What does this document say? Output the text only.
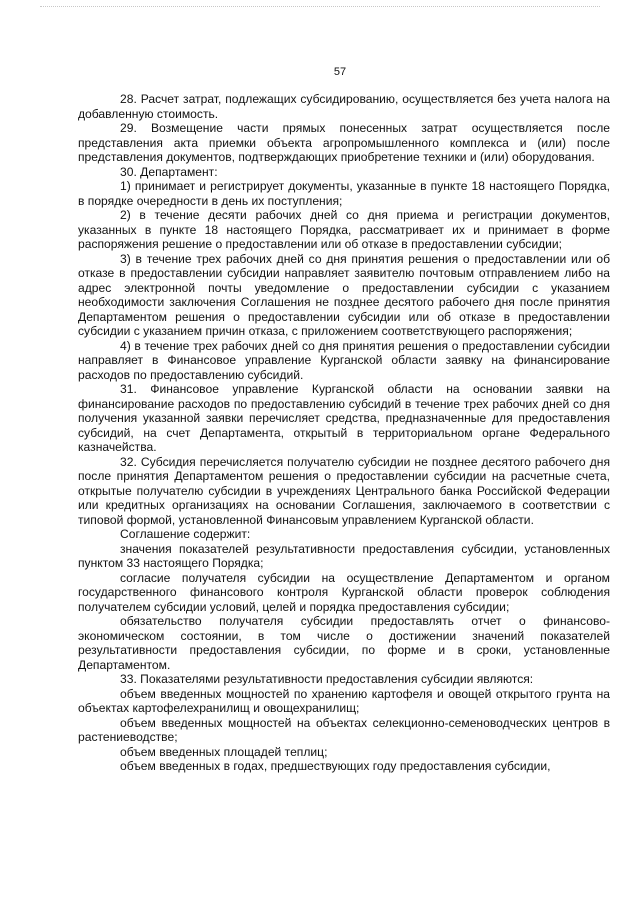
57

28. Расчет затрат, подлежащих субсидированию, осуществляется без учета налога на добавленную стоимость.

29. Возмещение части прямых понесенных затрат осуществляется после представления акта приемки объекта агропромышленного комплекса и (или) после представления документов, подтверждающих приобретение техники и (или) оборудования.

30. Департамент:

1) принимает и регистрирует документы, указанные в пункте 18 настоящего Порядка, в порядке очередности в день их поступления;

2) в течение десяти рабочих дней со дня приема и регистрации документов, указанных в пункте 18 настоящего Порядка, рассматривает их и принимает в форме распоряжения решение о предоставлении или об отказе в предоставлении субсидии;

3) в течение трех рабочих дней со дня принятия решения о предоставлении или об отказе в предоставлении субсидии направляет заявителю почтовым отправлением либо на адрес электронной почты уведомление о предоставлении субсидии с указанием необходимости заключения Соглашения не позднее десятого рабочего дня после принятия Департаментом решения о предоставлении субсидии или об отказе в предоставлении субсидии с указанием причин отказа, с приложением соответствующего распоряжения;

4) в течение трех рабочих дней со дня принятия решения о предоставлении субсидии направляет в Финансовое управление Курганской области заявку на финансирование расходов по предоставлению субсидий.

31. Финансовое управление Курганской области на основании заявки на финансирование расходов по предоставлению субсидий в течение трех рабочих дней со дня получения указанной заявки перечисляет средства, предназначенные для предоставления субсидий, на счет Департамента, открытый в территориальном органе Федерального казначейства.

32. Субсидия перечисляется получателю субсидии не позднее десятого рабочего дня после принятия Департаментом решения о предоставлении субсидии на расчетные счета, открытые получателю субсидии в учреждениях Центрального банка Российской Федерации или кредитных организациях на основании Соглашения, заключаемого в соответствии с типовой формой, установленной Финансовым управлением Курганской области.

Соглашение содержит:

значения показателей результативности предоставления субсидии, установленных пунктом 33 настоящего Порядка;

согласие получателя субсидии на осуществление Департаментом и органом государственного финансового контроля Курганской области проверок соблюдения получателем субсидии условий, целей и порядка предоставления субсидии;

обязательство получателя субсидии предоставлять отчет о финансово-экономическом состоянии, в том числе о достижении значений показателей результативности предоставления субсидии, по форме и в сроки, установленные Департаментом.

33. Показателями результативности предоставления субсидии являются:

объем введенных мощностей по хранению картофеля и овощей открытого грунта на объектах картофелехранилищ и овощехранилищ;

объем введенных мощностей на объектах селекционно-семеноводческих центров в растениеводстве;

объем введенных площадей теплиц;

объем введенных в годах, предшествующих году предоставления субсидии,
